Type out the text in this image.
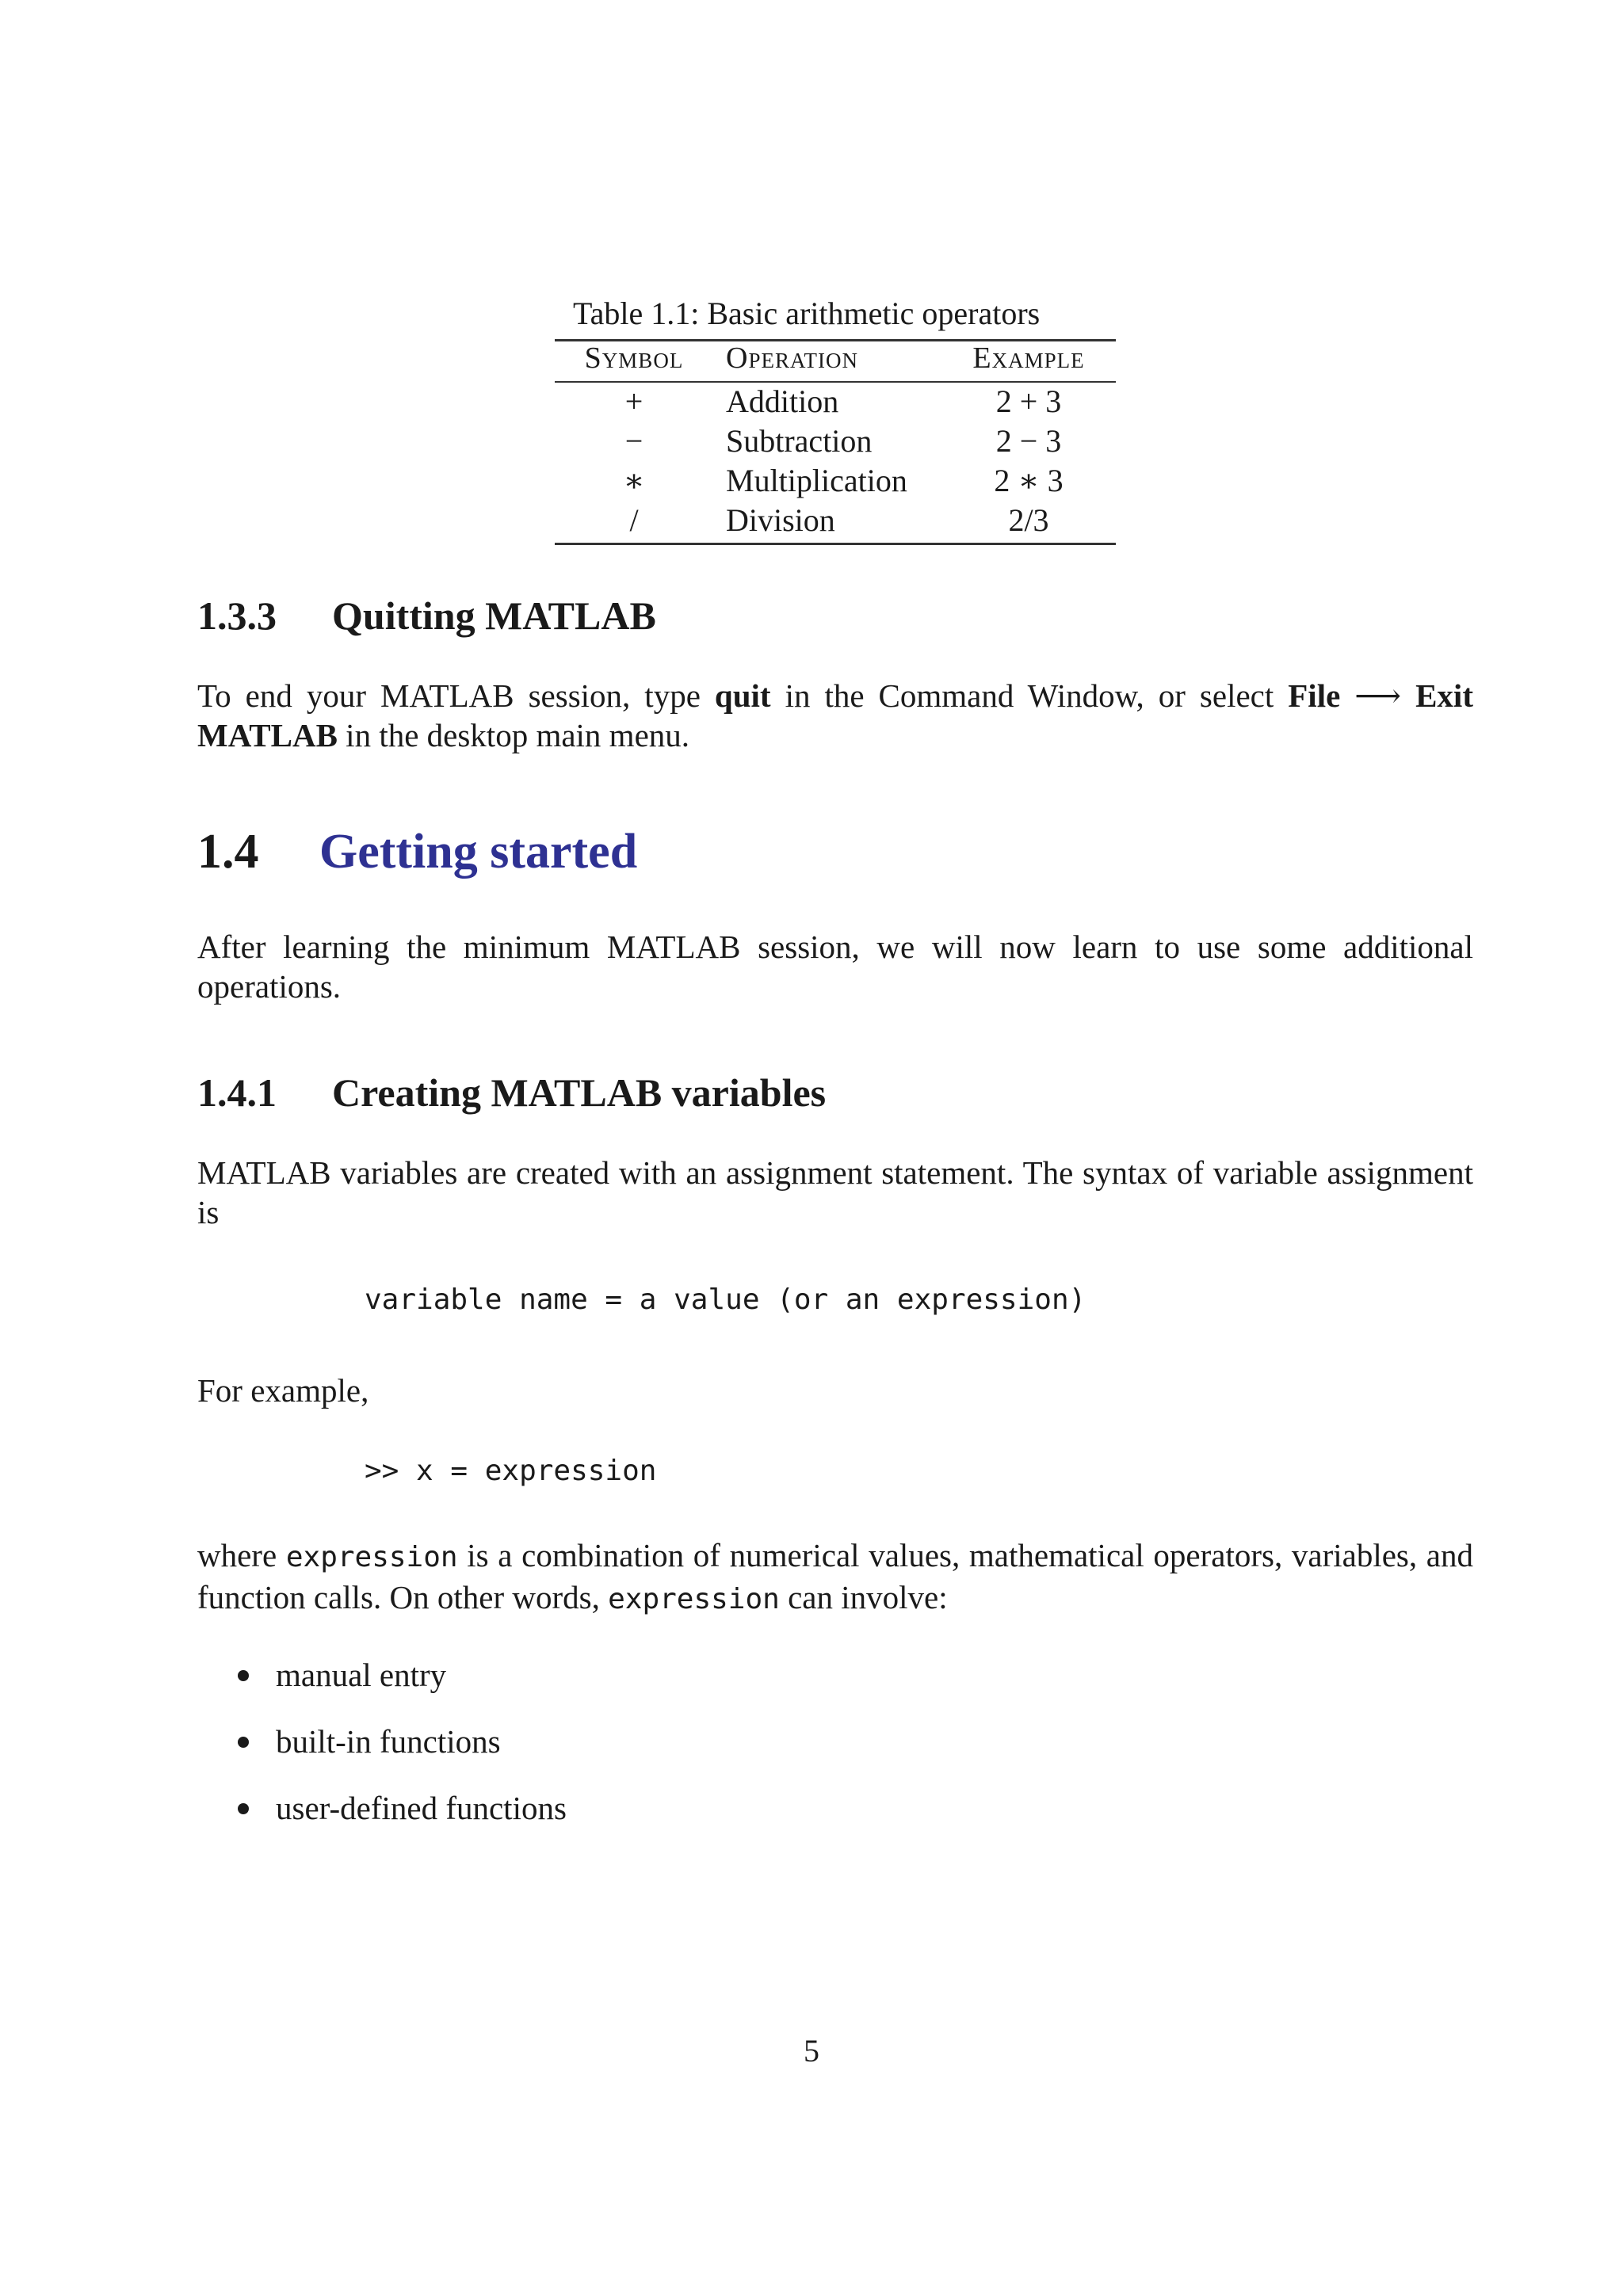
Table 1.1: Basic arithmetic operators
Symbol	Operation	Example
+	Addition	2 + 3
−	Subtraction	2 − 3
∗	Multiplication	2 ∗ 3
/	Division	2/3
1.3.3 Quitting MATLAB
To end your MATLAB session, type quit in the Command Window, or select File ⟶ Exit MATLAB in the desktop main menu.
1.4 Getting started
After learning the minimum MATLAB session, we will now learn to use some additional operations.
1.4.1 Creating MATLAB variables
MATLAB variables are created with an assignment statement. The syntax of variable assignment is
variable name = a value (or an expression)
For example,
>> x = expression
where expression is a combination of numerical values, mathematical operators, variables, and function calls. On other words, expression can involve:
manual entry
built-in functions
user-defined functions
5
